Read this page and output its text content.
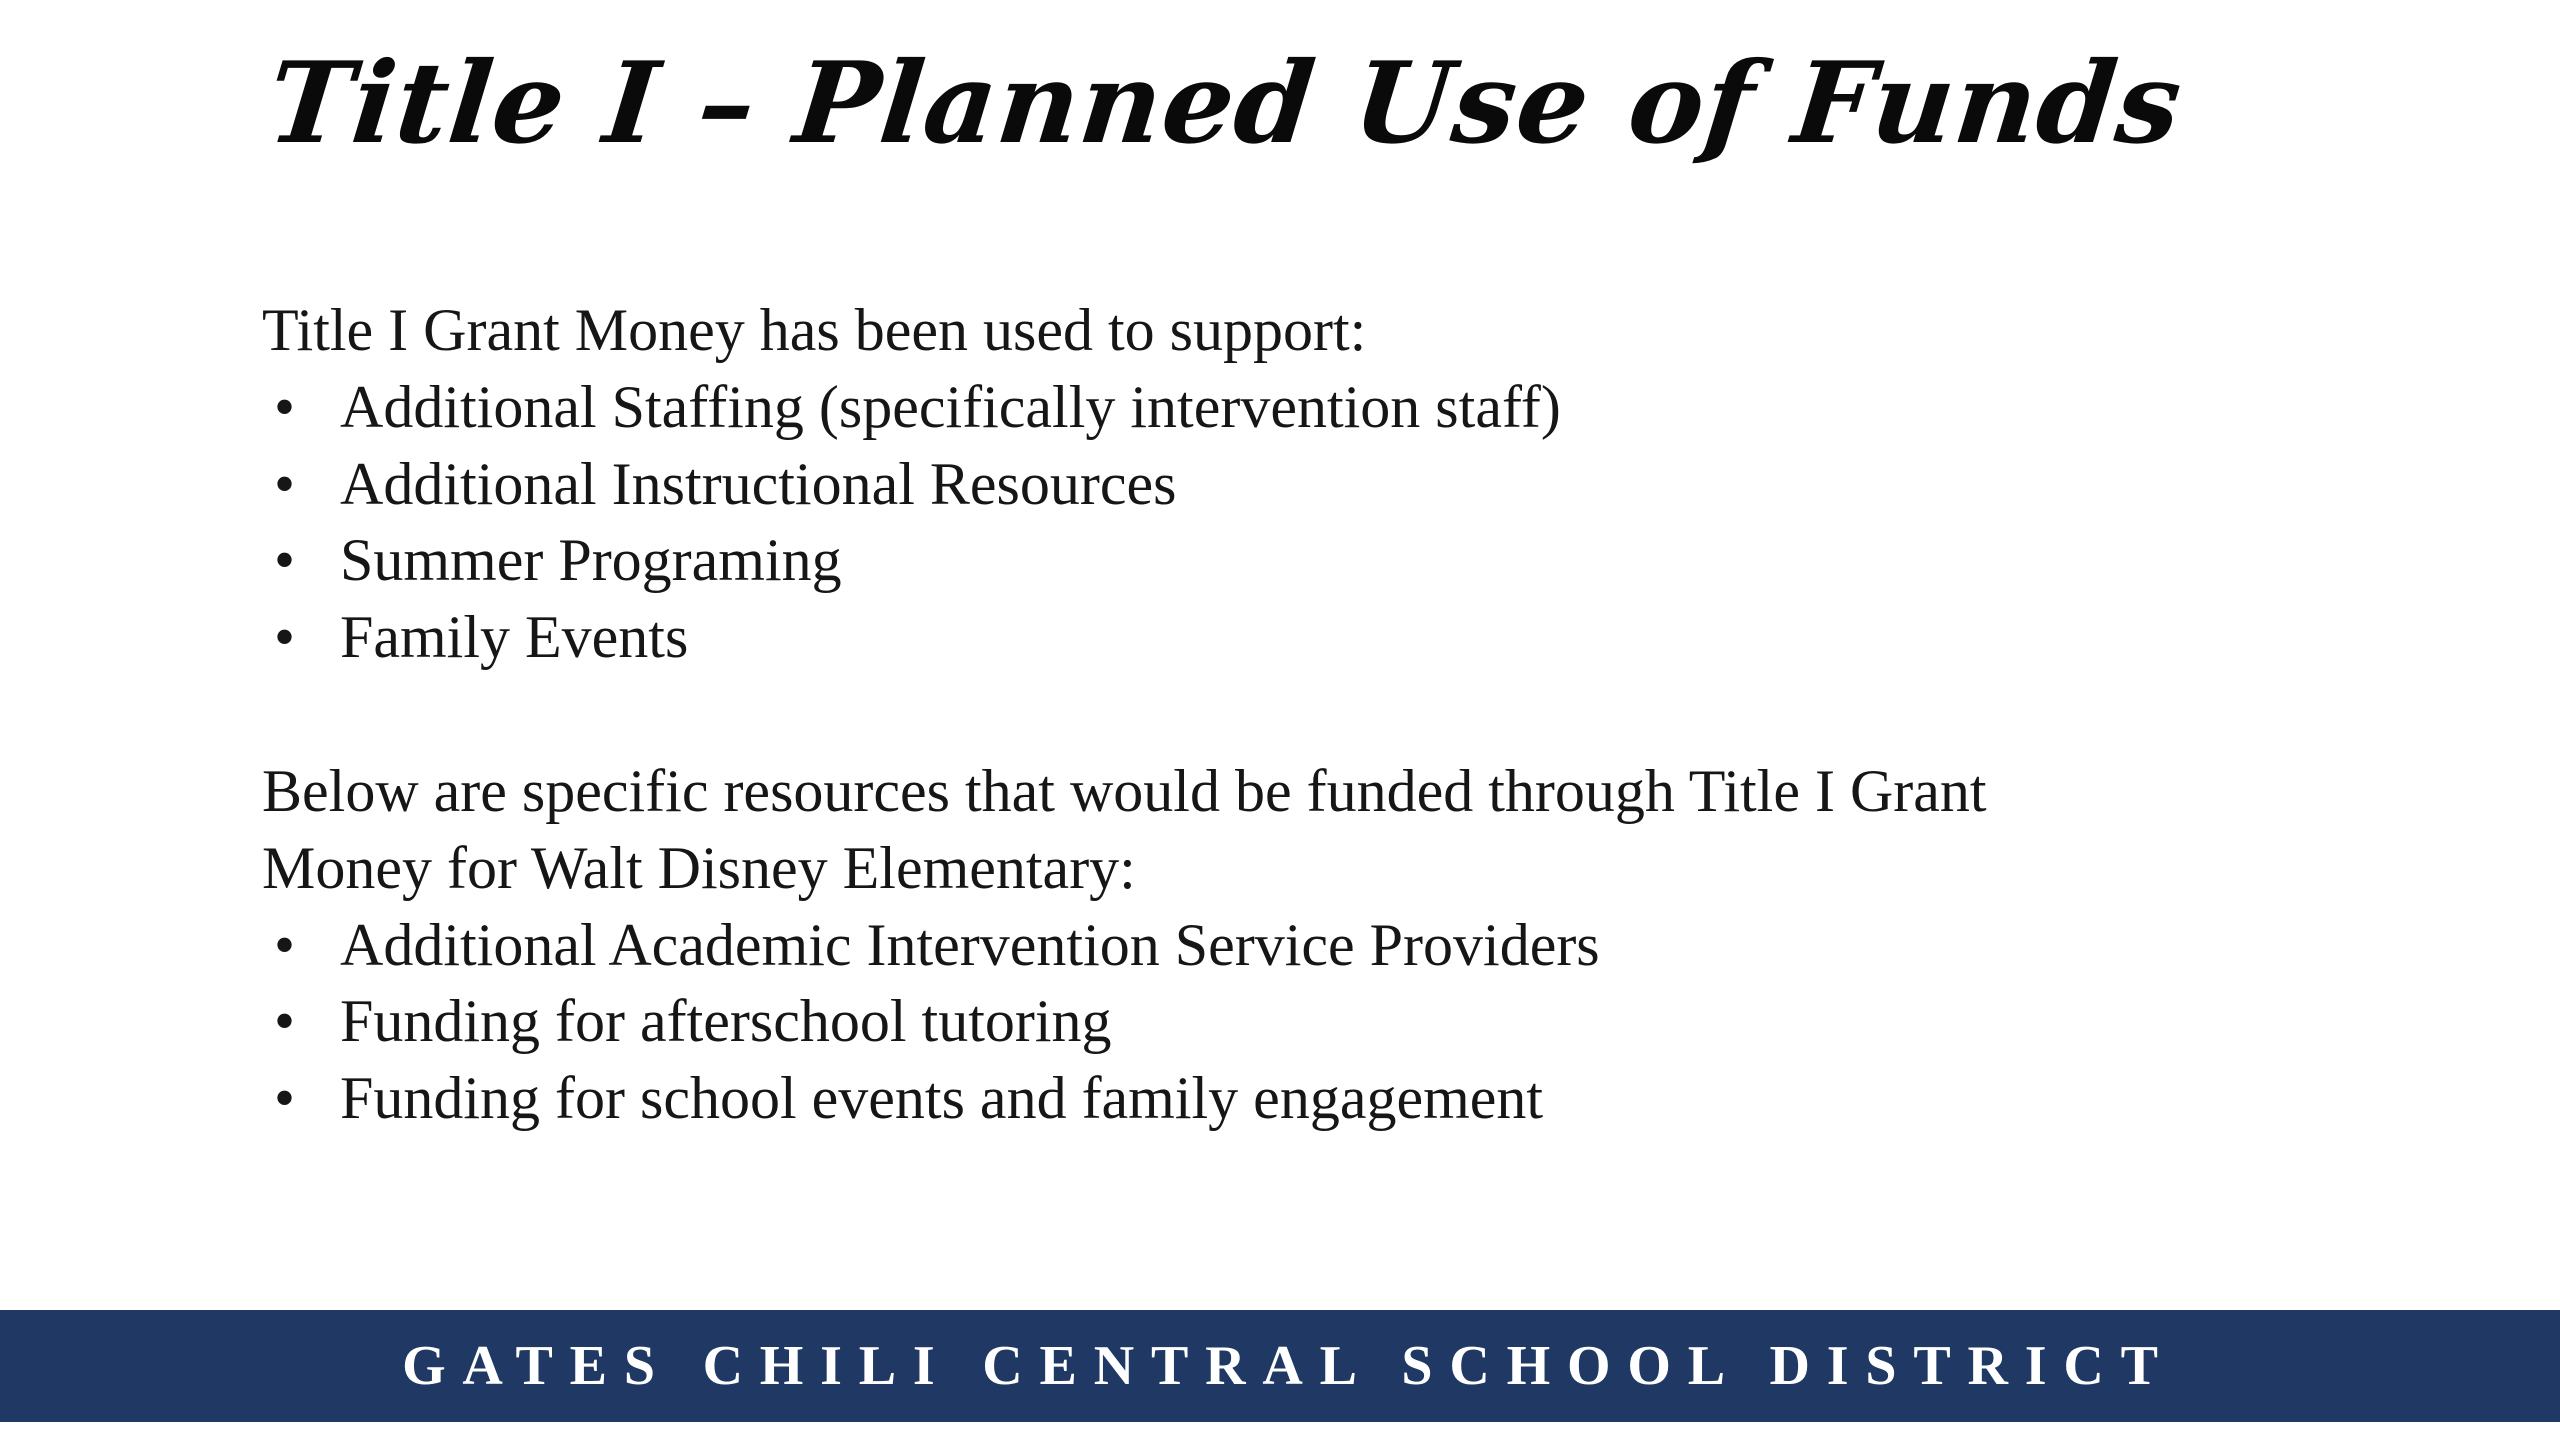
Title I – Planned Use of Funds

Title I Grant Money has been used to support:

• Additional Staffing (specifically intervention staff)
• Additional Instructional Resources
• Summer Programing
• Family Events

Below are specific resources that would be funded through Title I Grant Money for Walt Disney Elementary:

• Additional Academic Intervention Service Providers
• Funding for afterschool tutoring
• Funding for school events and family engagement
GATES CHILI CENTRAL SCHOOL DISTRICT
